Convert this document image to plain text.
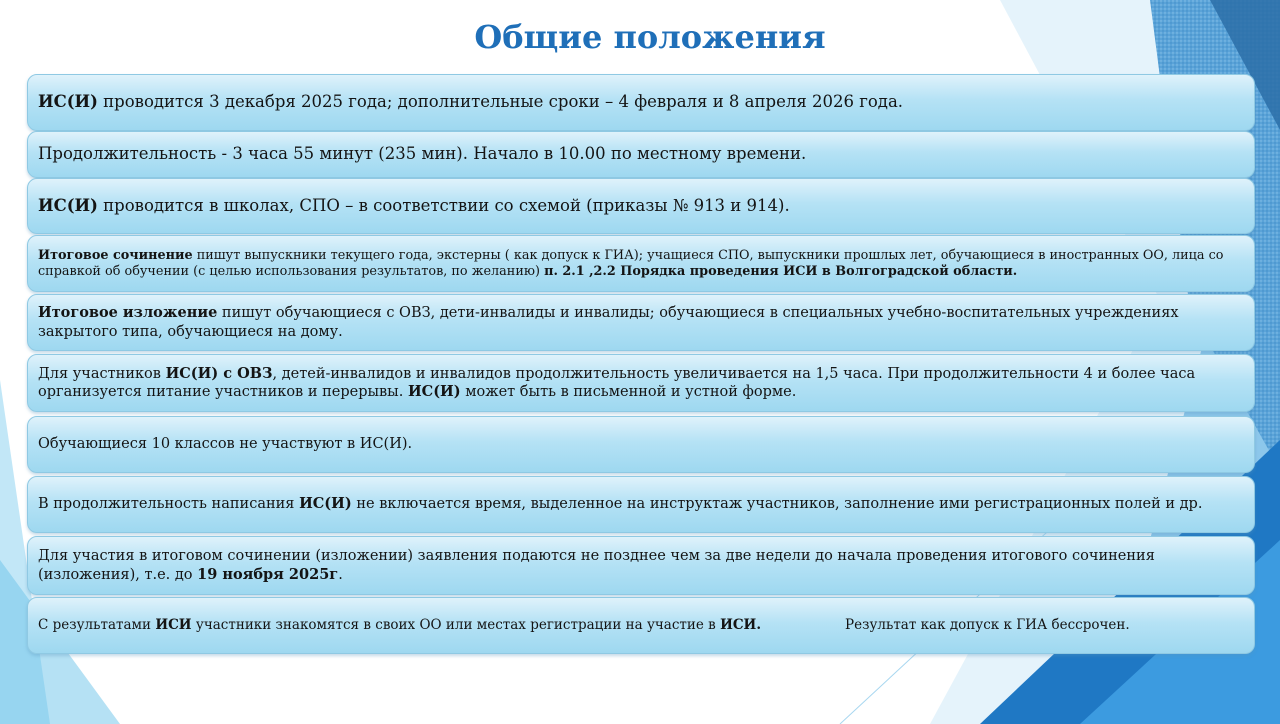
Общие положения
ИС(И) проводится 3 декабря 2025 года; дополнительные сроки – 4 февраля и 8 апреля 2026 года.
Продолжительность - 3 часа 55 минут (235 мин). Начало в 10.00 по местному времени.
ИС(И) проводится в школах, СПО – в соответствии со схемой (приказы № 913 и 914).
Итоговое сочинение пишут выпускники текущего года, экстерны ( как допуск к ГИА); учащиеся СПО, выпускники прошлых лет, обучающиеся в иностранных ОО, лица со справкой об обучении (с целью использования результатов, по желанию) п. 2.1 ,2.2 Порядка проведения ИСИ в Волгоградской области.
Итоговое изложение пишут обучающиеся с ОВЗ, дети-инвалиды и инвалиды; обучающиеся в специальных учебно-воспитательных учреждениях закрытого типа, обучающиеся на дому.
Для участников ИС(И) с ОВЗ, детей-инвалидов и инвалидов продолжительность увеличивается на 1,5 часа. При продолжительности 4 и более часа организуется питание участников и перерывы. ИС(И) может быть в письменной и устной форме.
Обучающиеся 10 классов не участвуют в ИС(И).
В продолжительность написания ИС(И) не включается время, выделенное на инструктаж участников, заполнение ими регистрационных полей и др.
Для участия в итоговом сочинении (изложении) заявления подаются не позднее чем за две недели до начала проведения итогового сочинения (изложения), т.е. до 19 ноября 2025г.
С результатами ИСИ участники знакомятся в своих ОО или местах регистрации на участие в ИСИ.	Результат как допуск к ГИА бессрочен.
